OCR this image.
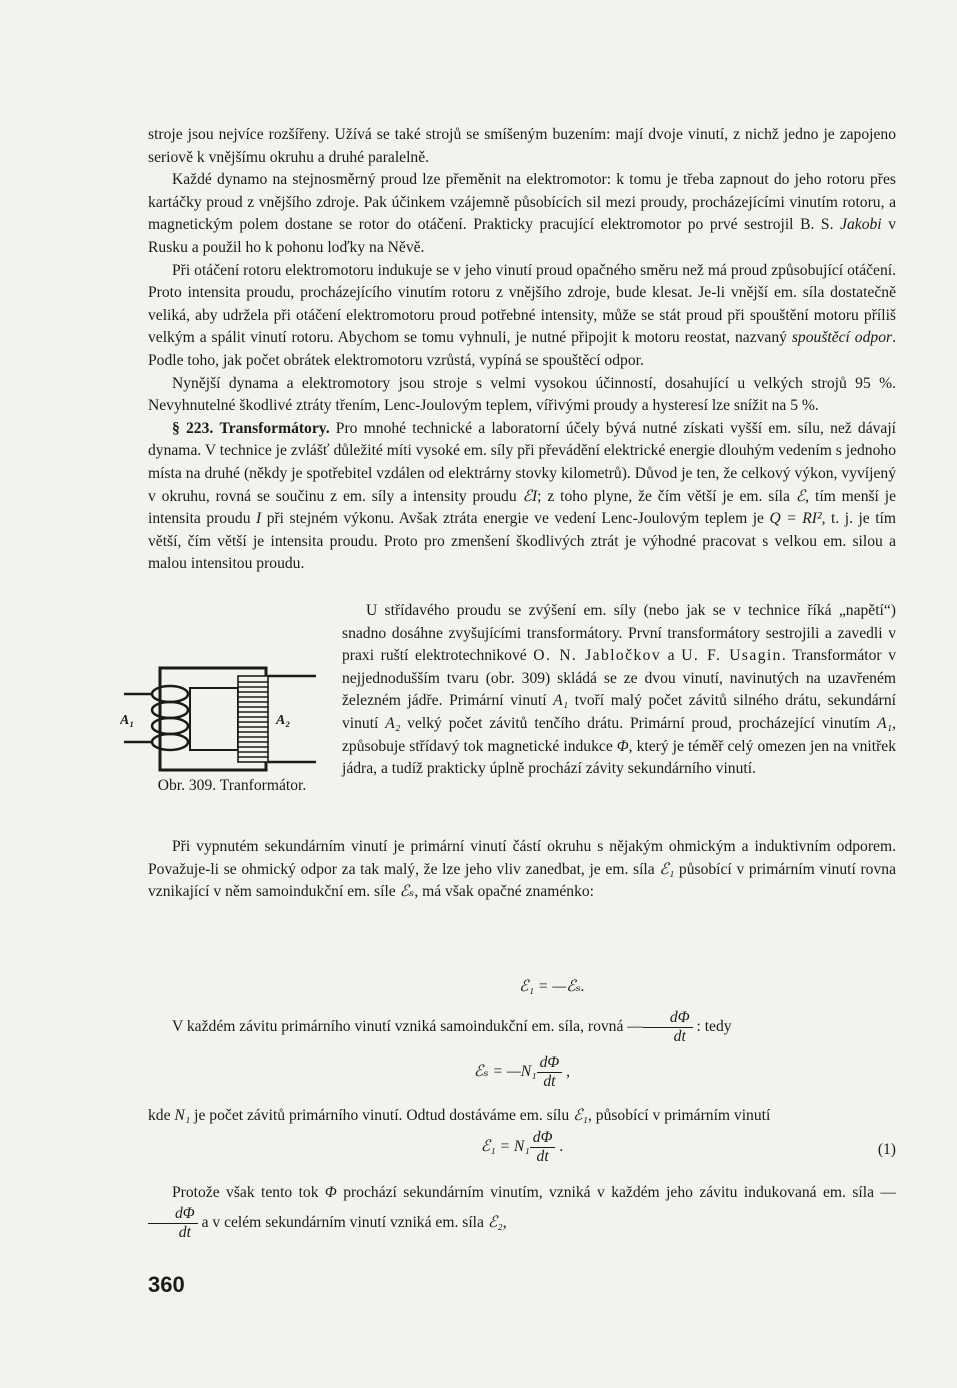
stroje jsou nejvíce rozšířeny. Užívá se také strojů se smíšeným buzením: mají dvoje vinutí, z nichž jedno je zapojeno seriově k vnějšímu okruhu a druhé paralelně.

Každé dynamo na stejnosměrný proud lze přeměnit na elektromotor: k tomu je třeba zapnout do jeho rotoru přes kartáčky proud z vnějšího zdroje. Pak účinkem vzájemně působících sil mezi proudy, procházejícími vinutím rotoru, a magnetickým polem dostane se rotor do otáčení. Prakticky pracující elektromotor po prvé sestrojil B. S. Jakobi v Rusku a použil ho k pohonu loďky na Něvě.

Při otáčení rotoru elektromotoru indukuje se v jeho vinutí proud opačného směru než má proud způsobující otáčení. Proto intensita proudu, procházejícího vinutím rotoru z vnějšího zdroje, bude klesat. Je-li vnější em. síla dostatečně veliká, aby udržela při otáčení elektromotoru proud potřebné intensity, může se stát proud při spouštění motoru příliš velkým a spálit vinutí rotoru. Abychom se tomu vyhnuli, je nutné připojit k motoru reostat, nazvaný spouštěcí odpor. Podle toho, jak počet obrátek elektromotoru vzrůstá, vypíná se spouštěcí odpor.

Nynější dynama a elektromotory jsou stroje s velmi vysokou účinností, dosahující u velkých strojů 95 %. Nevyhnutelné škodlivé ztráty třením, Lenc-Joulovým teplem, vířivými proudy a hysteresí lze snížit na 5 %.

§ 223. Transformátory. Pro mnohé technické a laboratorní účely bývá nutné získati vyšší em. sílu, než dávají dynama. V technice je zvlášť důležité míti vysoké em. síly při převádění elektrické energie dlouhým vedením s jednoho místa na druhé (někdy je spotřebitel vzdálen od elektrárny stovky kilometrů). Důvod je ten, že celkový výkon, vyvíjený v okruhu, rovná se součinu z em. síly a intensity proudu ℰI; z toho plyne, že čím větší je em. síla ℰ, tím menší je intensita proudu I při stejném výkonu. Avšak ztráta energie ve vedení Lenc-Joulovým teplem je Q = RI², t. j. je tím větší, čím větší je intensita proudu. Proto pro zmenšení škodlivých ztrát je výhodné pracovat s velkou em. silou a malou intensitou proudu.

A₁	A₂
Obr. 309. Tranformátor.

U střídavého proudu se zvýšení em. síly (nebo jak se v technice říká „napětí“) snadno dosáhne zvyšujícími transformátory. První transformátory sestrojili a zavedli v praxi ruští elektrotechnikové O. N. Jabločkov a U. F. Usagin. Transformátor v nejjednodušším tvaru (obr. 309) skládá se ze dvou vinutí, navinutých na uzavřeném železném jádře. Primární vinutí A₁ tvoří malý počet závitů silného drátu, sekundární vinutí A₂ velký počet závitů tenčího drátu. Primární proud, procházející vinutím A₁, způsobuje střídavý tok magnetické indukce Φ, který je téměř celý omezen jen na vnitřek jádra, a tudíž prakticky úplně prochází závity sekundárního vinutí.

Při vypnutém sekundárním vinutí je primární vinutí částí okruhu s nějakým ohmickým a induktivním odporem. Považuje-li se ohmický odpor za tak malý, že lze jeho vliv zanedbat, je em. síla ℰ₁ působící v primárním vinutí rovna vznikající v něm samoindukční em. síle ℰₛ, má však opačné znaménko:

ℰ₁ = —ℰₛ.

V každém závitu primárního vinutí vzniká samoindukční em. síla, rovná — $\frac{d\Phi}{dt}$ : tedy

ℰₛ = —N₁ $\frac{d\Phi}{dt}$ ,

kde N₁ je počet závitů primárního vinutí. Odtud dostáváme em. sílu ℰ₁, působící v primárním vinutí

ℰ₁ = $N_1 \frac{d\Phi}{dt}$ .	(1)

Protože však tento tok Φ prochází sekundárním vinutím, vzniká v každém jeho závitu indukovaná em. síla —
$\frac{d\Phi}{dt}$ a v celém sekundárním vinutí vzniká em. síla ℰ₂,

360
